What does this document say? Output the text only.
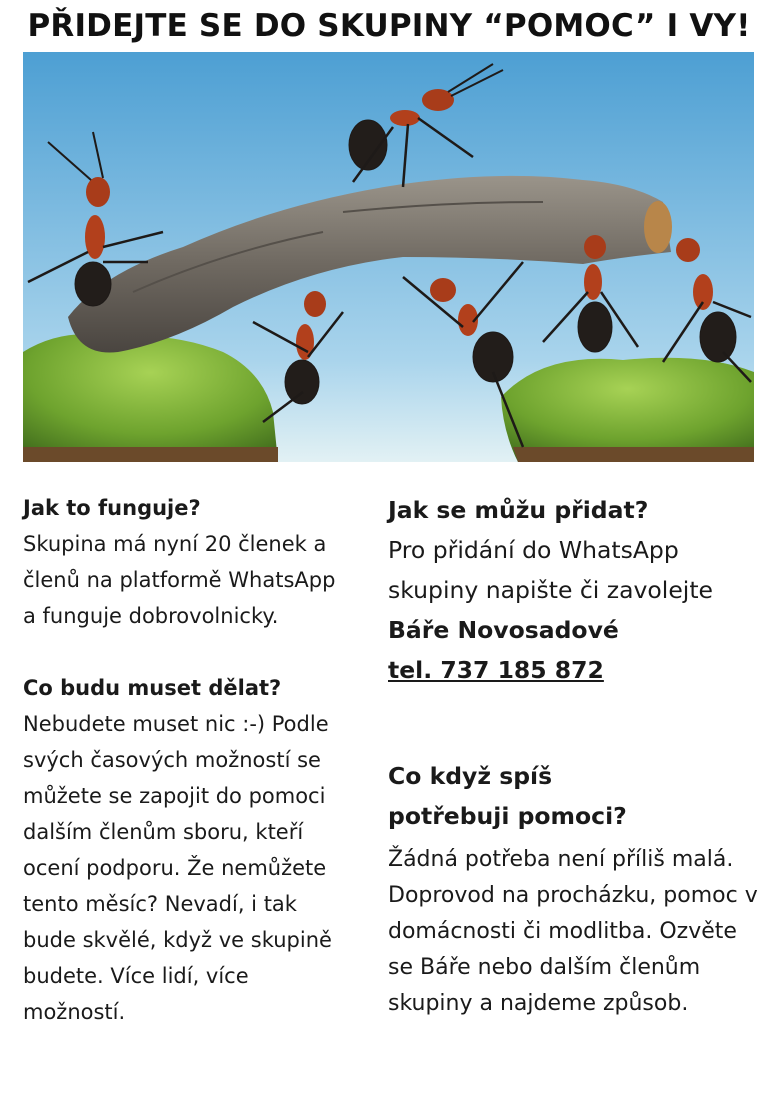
PŘIDEJTE SE DO SKUPINY “POMOC” I VY!

Jak to funguje?

Skupina má nyní 20 členek a členů na platformě WhatsApp a funguje dobrovolnicky.

Co budu muset dělat?

Nebudete muset nic :-) Podle svých časových možností se můžete se zapojit do pomoci dalším členům sboru, kteří ocení podporu. Že nemůžete tento měsíc? Nevadí, i tak bude skvělé, když ve skupině budete. Více lidí, více možností.

Jak se můžu přidat?

Pro přidání do WhatsApp skupiny napište či zavolejte

Báře Novosadové

tel. 737 185 872

Co když spíš

potřebuji pomoci?

Žádná potřeba není příliš malá. Doprovod na procházku, pomoc v domácnosti či modlitba. Ozvěte se Báře nebo dalším členům skupiny a najdeme způsob.
